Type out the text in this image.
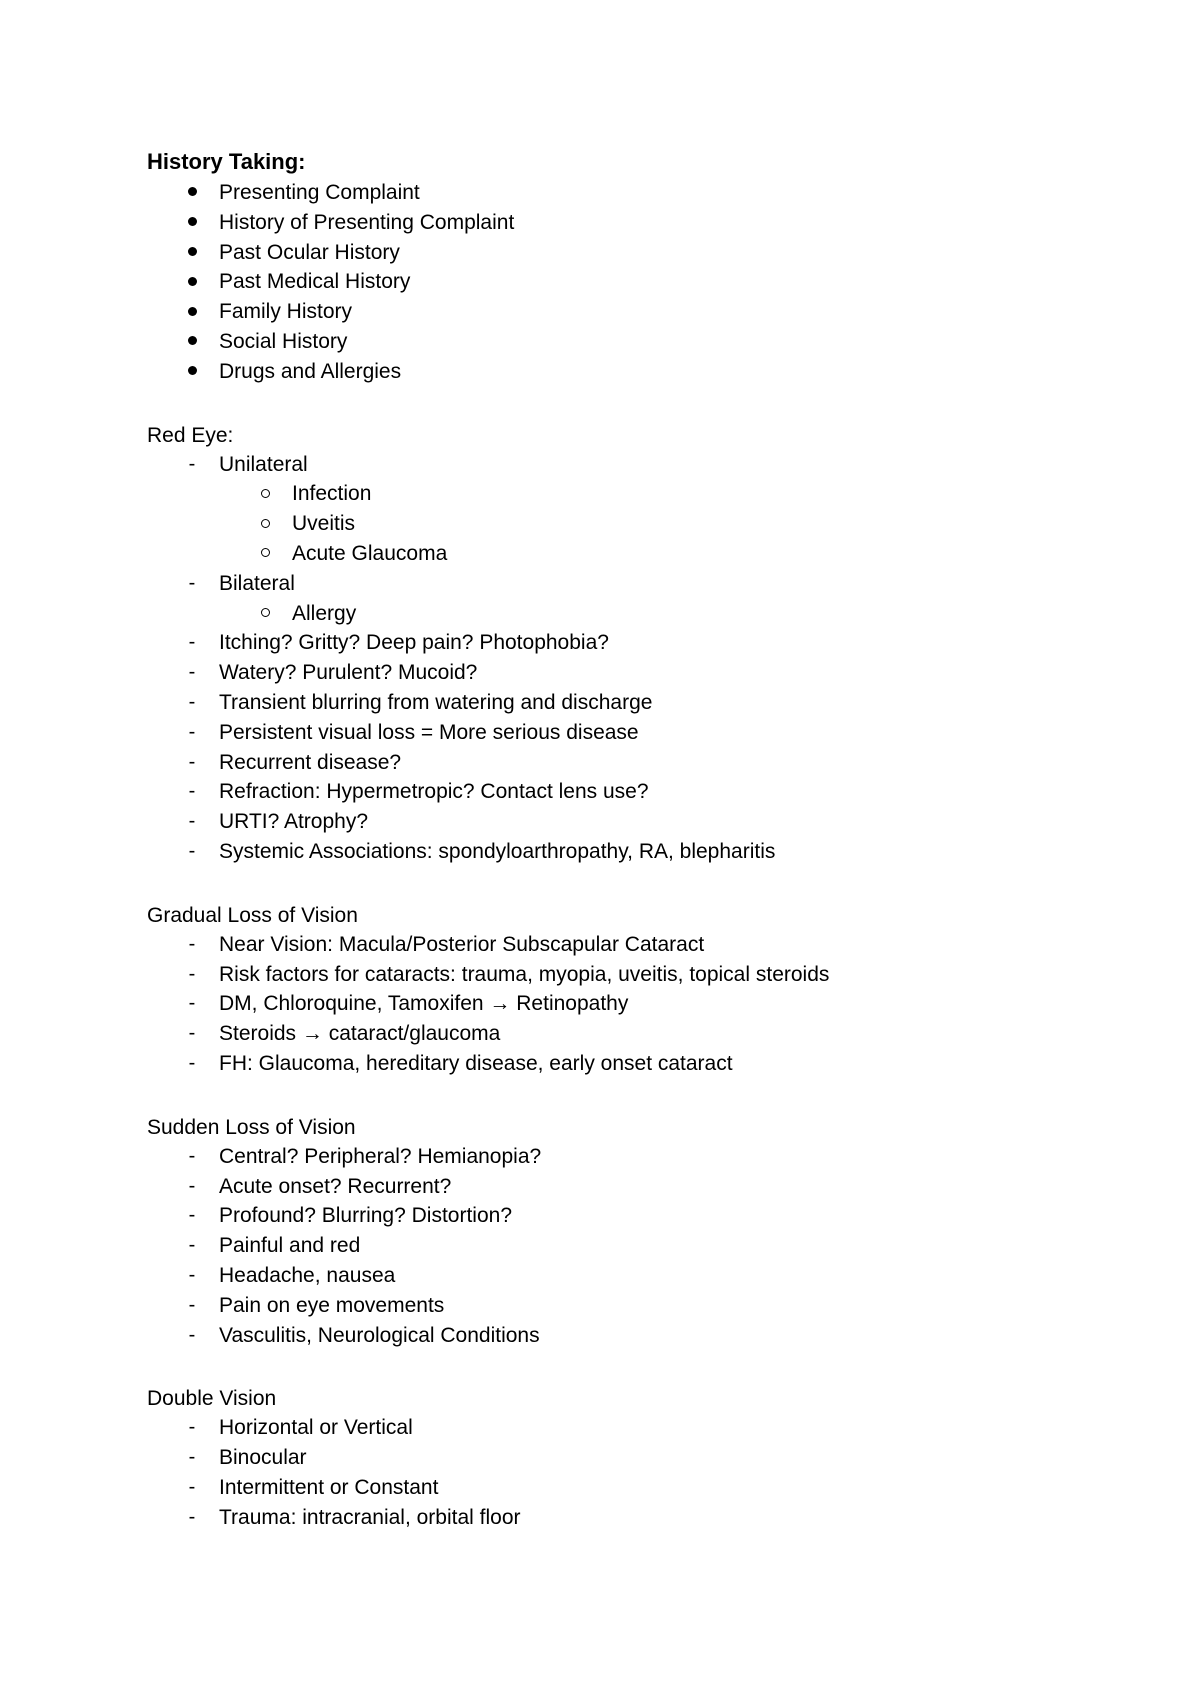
History Taking:
Presenting Complaint
History of Presenting Complaint
Past Ocular History
Past Medical History
Family History
Social History
Drugs and Allergies
Red Eye:
-	Unilateral
Infection
Uveitis
Acute Glaucoma
-	Bilateral
Allergy
-	Itching? Gritty? Deep pain? Photophobia?
-	Watery? Purulent? Mucoid?
-	Transient blurring from watering and discharge
-	Persistent visual loss = More serious disease
-	Recurrent disease?
-	Refraction: Hypermetropic? Contact lens use?
-	URTI? Atrophy?
-	Systemic Associations: spondyloarthropathy, RA, blepharitis
Gradual Loss of Vision
-	Near Vision: Macula/Posterior Subscapular Cataract
-	Risk factors for cataracts: trauma, myopia, uveitis, topical steroids
-	DM, Chloroquine, Tamoxifen → Retinopathy
-	Steroids → cataract/glaucoma
-	FH: Glaucoma, hereditary disease, early onset cataract
Sudden Loss of Vision
-	Central? Peripheral? Hemianopia?
-	Acute onset? Recurrent?
-	Profound? Blurring? Distortion?
-	Painful and red
-	Headache, nausea
-	Pain on eye movements
-	Vasculitis, Neurological Conditions
Double Vision
-	Horizontal or Vertical
-	Binocular
-	Intermittent or Constant
-	Trauma: intracranial, orbital floor
